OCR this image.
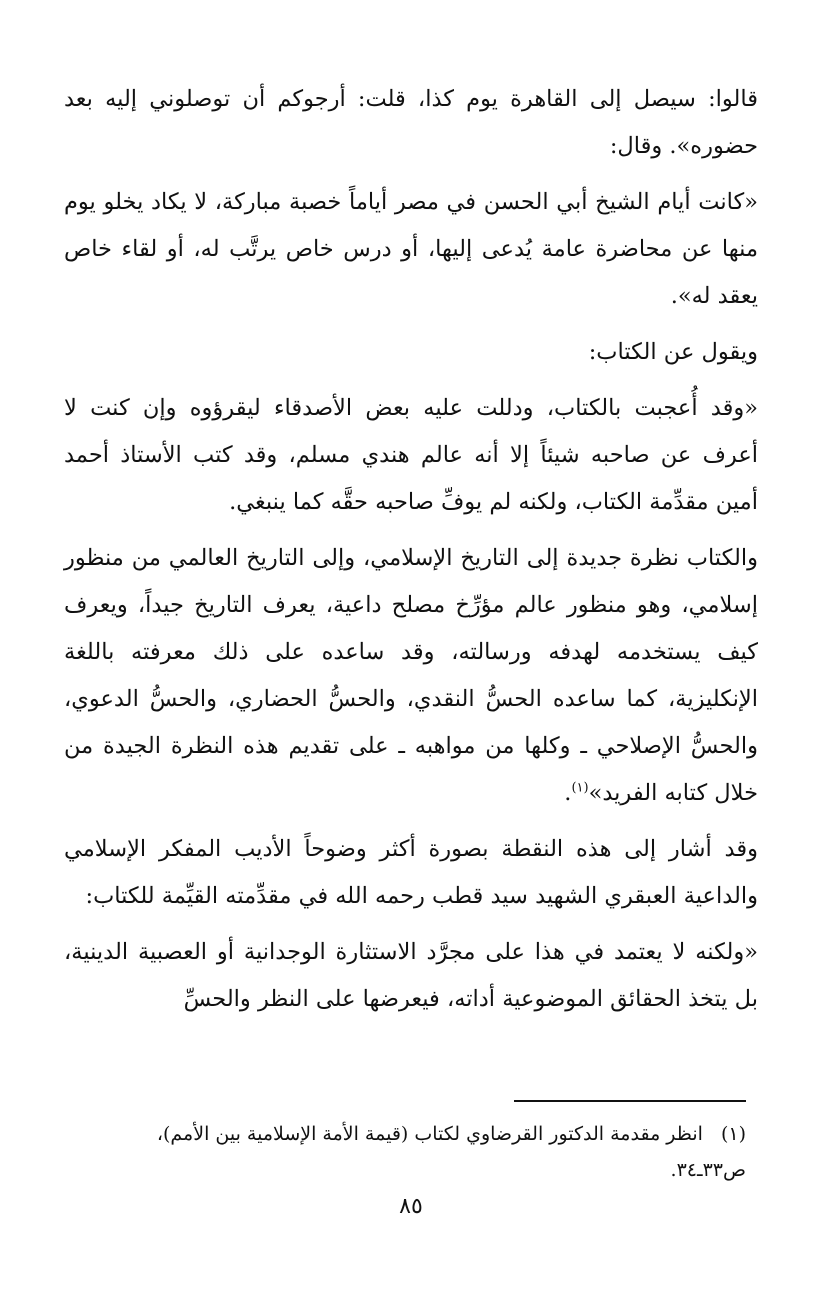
قالوا: سيصل إلى القاهرة يوم كذا، قلت: أرجوكم أن توصلوني إليه بعد حضوره». وقال:

«كانت أيام الشيخ أبي الحسن في مصر أياماً خصبة مباركة، لا يكاد يخلو يوم منها عن محاضرة عامة يُدعى إليها، أو درس خاص يرتَّب له، أو لقاء خاص يعقد له».

ويقول عن الكتاب:

«وقد أُعجبت بالكتاب، ودللت عليه بعض الأصدقاء ليقرؤوه وإن كنت لا أعرف عن صاحبه شيئاً إلا أنه عالم هندي مسلم، وقد كتب الأستاذ أحمد أمين مقدِّمة الكتاب، ولكنه لم يوفِّ صاحبه حقَّه كما ينبغي.

والكتاب نظرة جديدة إلى التاريخ الإسلامي، وإلى التاريخ العالمي من منظور إسلامي، وهو منظور عالم مؤرِّخ مصلح داعية، يعرف التاريخ جيداً، ويعرف كيف يستخدمه لهدفه ورسالته، وقد ساعده على ذلك معرفته باللغة الإنكليزية، كما ساعده الحسُّ النقدي، والحسُّ الحضاري، والحسُّ الدعوي، والحسُّ الإصلاحي ـ وكلها من مواهبه ـ على تقديم هذه النظرة الجيدة من خلال كتابه الفريد»$^{(١)}$.

وقد أشار إلى هذه النقطة بصورة أكثر وضوحاً الأديب المفكر الإسلامي والداعية العبقري الشهيد سيد قطب رحمه الله في مقدِّمته القيِّمة للكتاب:

«ولكنه لا يعتمد في هذا على مجرَّد الاستثارة الوجدانية أو العصبية الدينية، بل يتخذ الحقائق الموضوعية أداته، فيعرضها على النظر والحسِّ

(١)انظر مقدمة الدكتور القرضاوي لكتاب (قيمة الأمة الإسلامية بين الأمم)،
ص٣٣ـ٣٤.
٨٥
